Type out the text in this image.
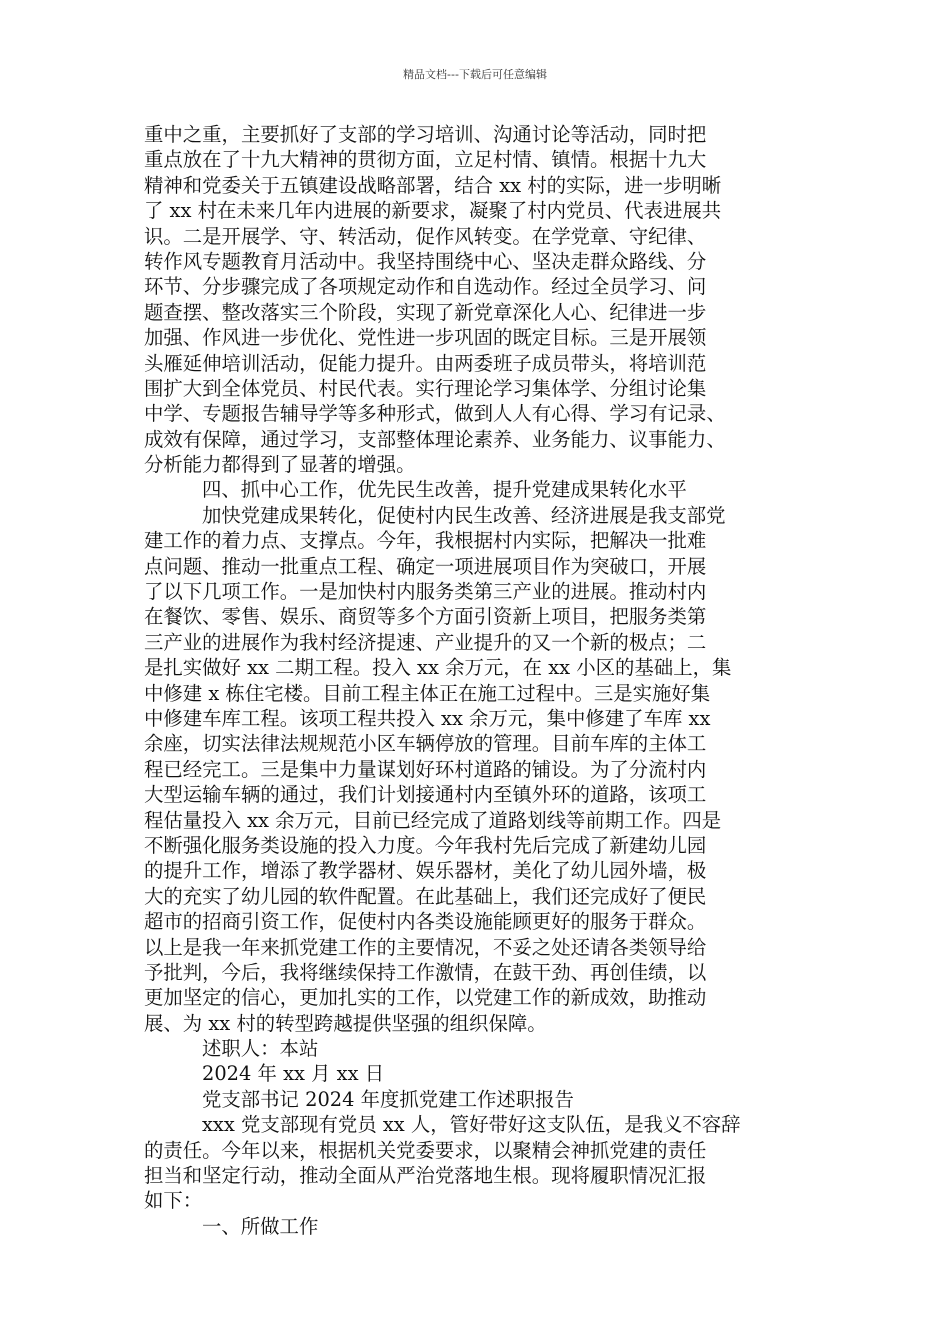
精品文档---下载后可任意编辑
重中之重，主要抓好了支部的学习培训、沟通讨论等活动，同时把
重点放在了十九大精神的贯彻方面，立足村情、镇情。根据十九大
精神和党委关于五镇建设战略部署，结合 xx 村的实际，进一步明晰
了 xx 村在未来几年内进展的新要求，凝聚了村内党员、代表进展共
识。二是开展学、守、转活动，促作风转变。在学党章、守纪律、
转作风专题教育月活动中。我坚持围绕中心、坚决走群众路线、分
环节、分步骤完成了各项规定动作和自选动作。经过全员学习、问
题查摆、整改落实三个阶段，实现了新党章深化人心、纪律进一步
加强、作风进一步优化、党性进一步巩固的既定目标。三是开展领
头雁延伸培训活动，促能力提升。由两委班子成员带头，将培训范
围扩大到全体党员、村民代表。实行理论学习集体学、分组讨论集
中学、专题报告辅导学等多种形式，做到人人有心得、学习有记录、
成效有保障，通过学习，支部整体理论素养、业务能力、议事能力、
分析能力都得到了显著的增强。
四、抓中心工作，优先民生改善，提升党建成果转化水平
加快党建成果转化，促使村内民生改善、经济进展是我支部党
建工作的着力点、支撑点。今年，我根据村内实际，把解决一批难
点问题、推动一批重点工程、确定一项进展项目作为突破口，开展
了以下几项工作。一是加快村内服务类第三产业的进展。推动村内
在餐饮、零售、娱乐、商贸等多个方面引资新上项目，把服务类第
三产业的进展作为我村经济提速、产业提升的又一个新的极点；二
是扎实做好 xx 二期工程。投入 xx 余万元，在 xx 小区的基础上，集
中修建 x 栋住宅楼。目前工程主体正在施工过程中。三是实施好集
中修建车库工程。该项工程共投入 xx 余万元，集中修建了车库 xx
余座，切实法律法规规范小区车辆停放的管理。目前车库的主体工
程已经完工。三是集中力量谋划好环村道路的铺设。为了分流村内
大型运输车辆的通过，我们计划接通村内至镇外环的道路，该项工
程估量投入 xx 余万元，目前已经完成了道路划线等前期工作。四是
不断强化服务类设施的投入力度。今年我村先后完成了新建幼儿园
的提升工作，增添了教学器材、娱乐器材，美化了幼儿园外墙，极
大的充实了幼儿园的软件配置。在此基础上，我们还完成好了便民
超市的招商引资工作，促使村内各类设施能顾更好的服务于群众。
以上是我一年来抓党建工作的主要情况，不妥之处还请各类领导给
予批判，今后，我将继续保持工作激情，在鼓干劲、再创佳绩，以
更加坚定的信心，更加扎实的工作，以党建工作的新成效，助推动
展、为 xx 村的转型跨越提供坚强的组织保障。
述职人：本站
2024 年 xx 月 xx 日
党支部书记 2024 年度抓党建工作述职报告
xxx 党支部现有党员 xx 人，管好带好这支队伍，是我义不容辞
的责任。今年以来，根据机关党委要求，以聚精会神抓党建的责任
担当和坚定行动，推动全面从严治党落地生根。现将履职情况汇报
如下：
一、所做工作
